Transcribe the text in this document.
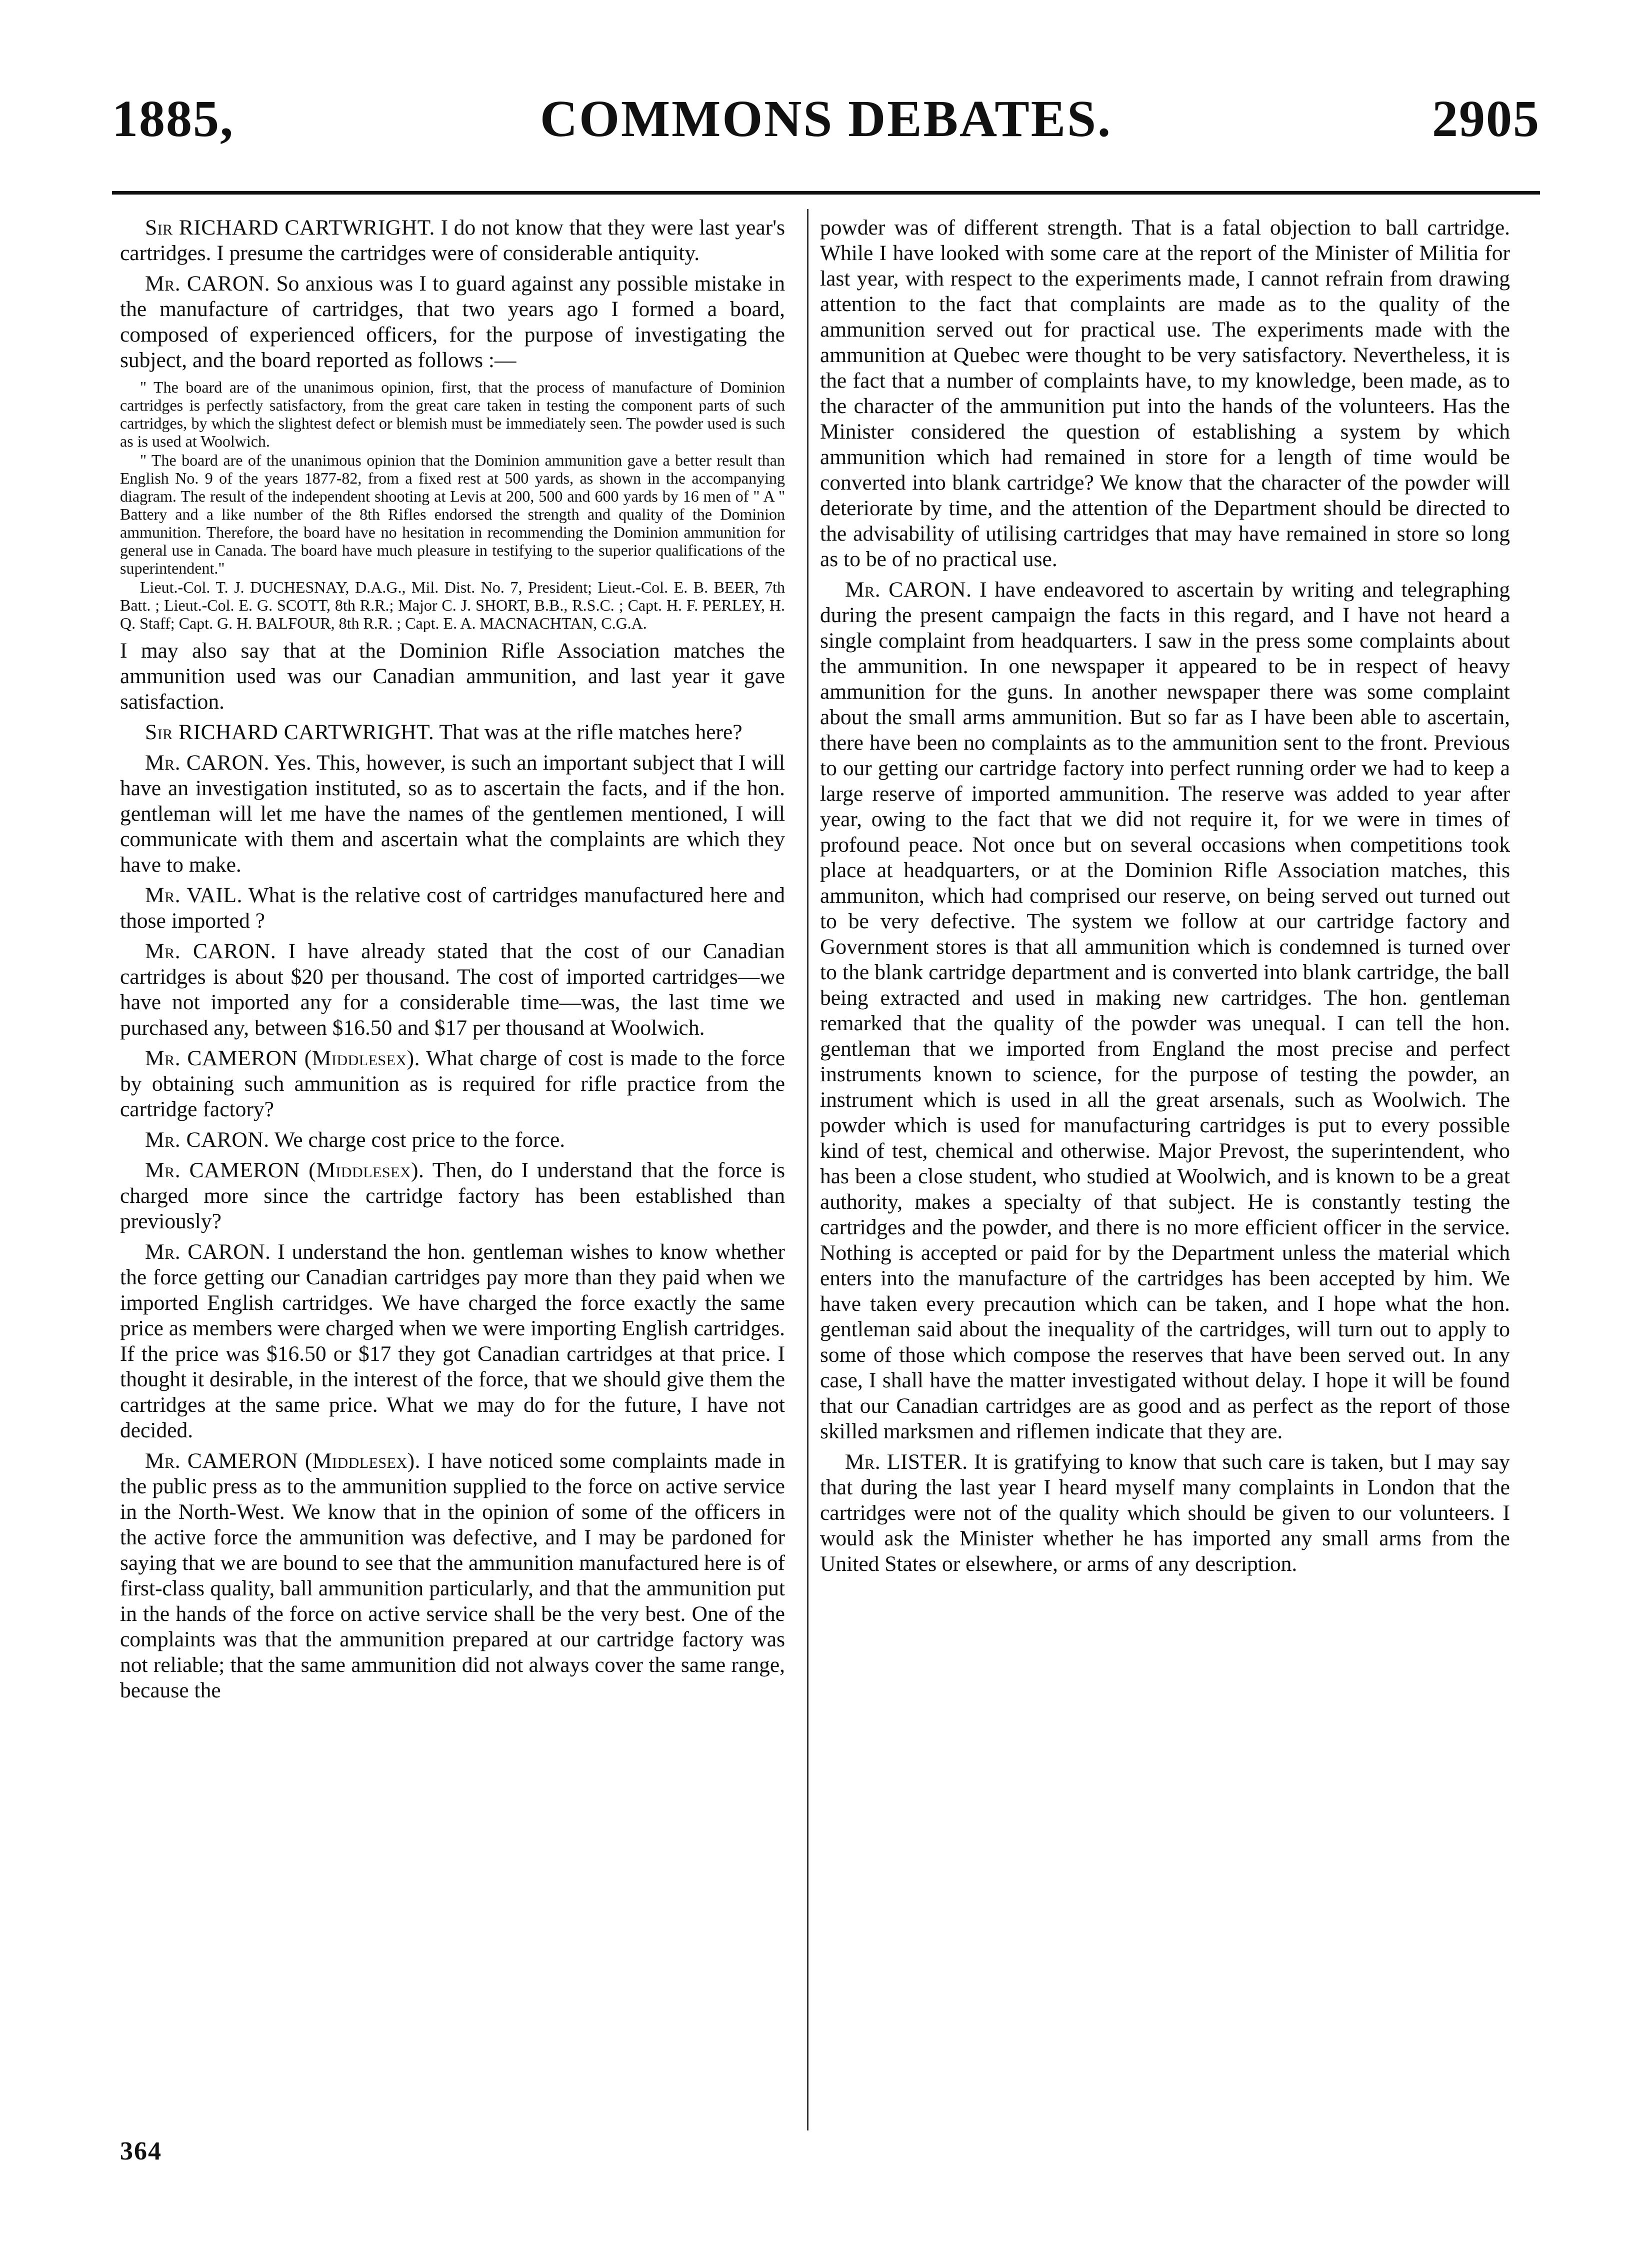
1885,	COMMONS DEBATES.	2905

Sir RICHARD CARTWRIGHT. I do not know that they were last year's cartridges. I presume the cartridges were of considerable antiquity.

Mr. CARON. So anxious was I to guard against any possible mistake in the manufacture of cartridges, that two years ago I formed a board, composed of experienced officers, for the purpose of investigating the subject, and the board reported as follows :—

" The board are of the unanimous opinion, first, that the process of manufacture of Dominion cartridges is perfectly satisfactory, from the great care taken in testing the component parts of such cartridges, by which the slightest defect or blemish must be immediately seen. The powder used is such as is used at Woolwich.

" The board are of the unanimous opinion that the Dominion ammunition gave a better result than English No. 9 of the years 1877-82, from a fixed rest at 500 yards, as shown in the accompanying diagram. The result of the independent shooting at Levis at 200, 500 and 600 yards by 16 men of " A " Battery and a like number of the 8th Rifles endorsed the strength and quality of the Dominion ammunition. Therefore, the board have no hesitation in recommending the Dominion ammunition for general use in Canada. The board have much pleasure in testifying to the superior qualifications of the superintendent."

Lieut.-Col. T. J. DUCHESNAY, D.A.G., Mil. Dist. No. 7, President; Lieut.-Col. E. B. BEER, 7th Batt. ; Lieut.-Col. E. G. SCOTT, 8th R.R.; Major C. J. SHORT, B.B., R.S.C. ; Capt. H. F. PERLEY, H. Q. Staff; Capt. G. H. BALFOUR, 8th R.R. ; Capt. E. A. MACNACHTAN, C.G.A.

I may also say that at the Dominion Rifle Association matches the ammunition used was our Canadian ammunition, and last year it gave satisfaction.

Sir RICHARD CARTWRIGHT. That was at the rifle matches here?

Mr. CARON. Yes. This, however, is such an important subject that I will have an investigation instituted, so as to ascertain the facts, and if the hon. gentleman will let me have the names of the gentlemen mentioned, I will communicate with them and ascertain what the complaints are which they have to make.

Mr. VAIL. What is the relative cost of cartridges manufactured here and those imported ?

Mr. CARON. I have already stated that the cost of our Canadian cartridges is about $20 per thousand. The cost of imported cartridges—we have not imported any for a considerable time—was, the last time we purchased any, between $16.50 and $17 per thousand at Woolwich.

Mr. CAMERON (Middlesex). What charge of cost is made to the force by obtaining such ammunition as is required for rifle practice from the cartridge factory?

Mr. CARON. We charge cost price to the force.

Mr. CAMERON (Middlesex). Then, do I understand that the force is charged more since the cartridge factory has been established than previously?

Mr. CARON. I understand the hon. gentleman wishes to know whether the force getting our Canadian cartridges pay more than they paid when we imported English cartridges. We have charged the force exactly the same price as members were charged when we were importing English cartridges. If the price was $16.50 or $17 they got Canadian cartridges at that price. I thought it desirable, in the interest of the force, that we should give them the cartridges at the same price. What we may do for the future, I have not decided.

Mr. CAMERON (Middlesex). I have noticed some complaints made in the public press as to the ammunition supplied to the force on active service in the North-West. We know that in the opinion of some of the officers in the active force the ammunition was defective, and I may be pardoned for saying that we are bound to see that the ammunition manufactured here is of first-class quality, ball ammunition particularly, and that the ammunition put in the hands of the force on active service shall be the very best. One of the complaints was that the ammunition prepared at our cartridge factory was not reliable; that the same ammunition did not always cover the same range, because the

powder was of different strength. That is a fatal objection to ball cartridge. While I have looked with some care at the report of the Minister of Militia for last year, with respect to the experiments made, I cannot refrain from drawing attention to the fact that complaints are made as to the quality of the ammunition served out for practical use. The experiments made with the ammunition at Quebec were thought to be very satisfactory. Nevertheless, it is the fact that a number of complaints have, to my knowledge, been made, as to the character of the ammunition put into the hands of the volunteers. Has the Minister considered the question of establishing a system by which ammunition which had remained in store for a length of time would be converted into blank cartridge? We know that the character of the powder will deteriorate by time, and the attention of the Department should be directed to the advisability of utilising cartridges that may have remained in store so long as to be of no practical use.

Mr. CARON. I have endeavored to ascertain by writing and telegraphing during the present campaign the facts in this regard, and I have not heard a single complaint from headquarters. I saw in the press some complaints about the ammunition. In one newspaper it appeared to be in respect of heavy ammunition for the guns. In another newspaper there was some complaint about the small arms ammunition. But so far as I have been able to ascertain, there have been no complaints as to the ammunition sent to the front. Previous to our getting our cartridge factory into perfect running order we had to keep a large reserve of imported ammunition. The reserve was added to year after year, owing to the fact that we did not require it, for we were in times of profound peace. Not once but on several occasions when competitions took place at headquarters, or at the Dominion Rifle Association matches, this ammuniton, which had comprised our reserve, on being served out turned out to be very defective. The system we follow at our cartridge factory and Government stores is that all ammunition which is condemned is turned over to the blank cartridge department and is converted into blank cartridge, the ball being extracted and used in making new cartridges. The hon. gentleman remarked that the quality of the powder was unequal. I can tell the hon. gentleman that we imported from England the most precise and perfect instruments known to science, for the purpose of testing the powder, an instrument which is used in all the great arsenals, such as Woolwich. The powder which is used for manufacturing cartridges is put to every possible kind of test, chemical and otherwise. Major Prevost, the superintendent, who has been a close student, who studied at Woolwich, and is known to be a great authority, makes a specialty of that subject. He is constantly testing the cartridges and the powder, and there is no more efficient officer in the service. Nothing is accepted or paid for by the Department unless the material which enters into the manufacture of the cartridges has been accepted by him. We have taken every precaution which can be taken, and I hope what the hon. gentleman said about the inequality of the cartridges, will turn out to apply to some of those which compose the reserves that have been served out. In any case, I shall have the matter investigated without delay. I hope it will be found that our Canadian cartridges are as good and as perfect as the report of those skilled marksmen and riflemen indicate that they are.

Mr. LISTER. It is gratifying to know that such care is taken, but I may say that during the last year I heard myself many complaints in London that the cartridges were not of the quality which should be given to our volunteers. I would ask the Minister whether he has imported any small arms from the United States or elsewhere, or arms of any description.

364
